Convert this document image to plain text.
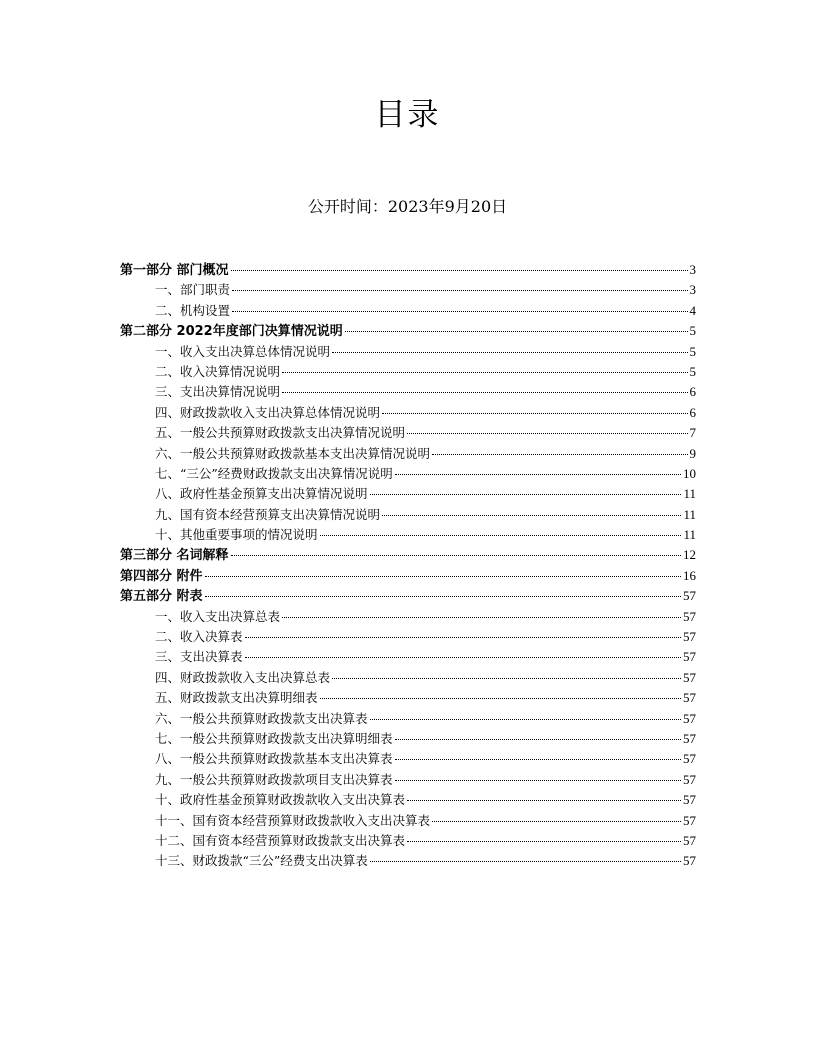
目录
公开时间：2023年9月20日
第一部分 部门概况	3
一、部门职责	3
二、机构设置	4
第二部分 2022年度部门决算情况说明	5
一、收入支出决算总体情况说明	5
二、收入决算情况说明	5
三、支出决算情况说明	6
四、财政拨款收入支出决算总体情况说明	6
五、一般公共预算财政拨款支出决算情况说明	7
六、一般公共预算财政拨款基本支出决算情况说明	9
七、“三公”经费财政拨款支出决算情况说明	10
八、政府性基金预算支出决算情况说明	11
九、国有资本经营预算支出决算情况说明	11
十、其他重要事项的情况说明	11
第三部分 名词解释	12
第四部分 附件	16
第五部分 附表	57
一、收入支出决算总表	57
二、收入决算表	57
三、支出决算表	57
四、财政拨款收入支出决算总表	57
五、财政拨款支出决算明细表	57
六、一般公共预算财政拨款支出决算表	57
七、一般公共预算财政拨款支出决算明细表	57
八、一般公共预算财政拨款基本支出决算表	57
九、一般公共预算财政拨款项目支出决算表	57
十、政府性基金预算财政拨款收入支出决算表	57
十一、国有资本经营预算财政拨款收入支出决算表	57
十二、国有资本经营预算财政拨款支出决算表	57
十三、财政拨款“三公”经费支出决算表	57
